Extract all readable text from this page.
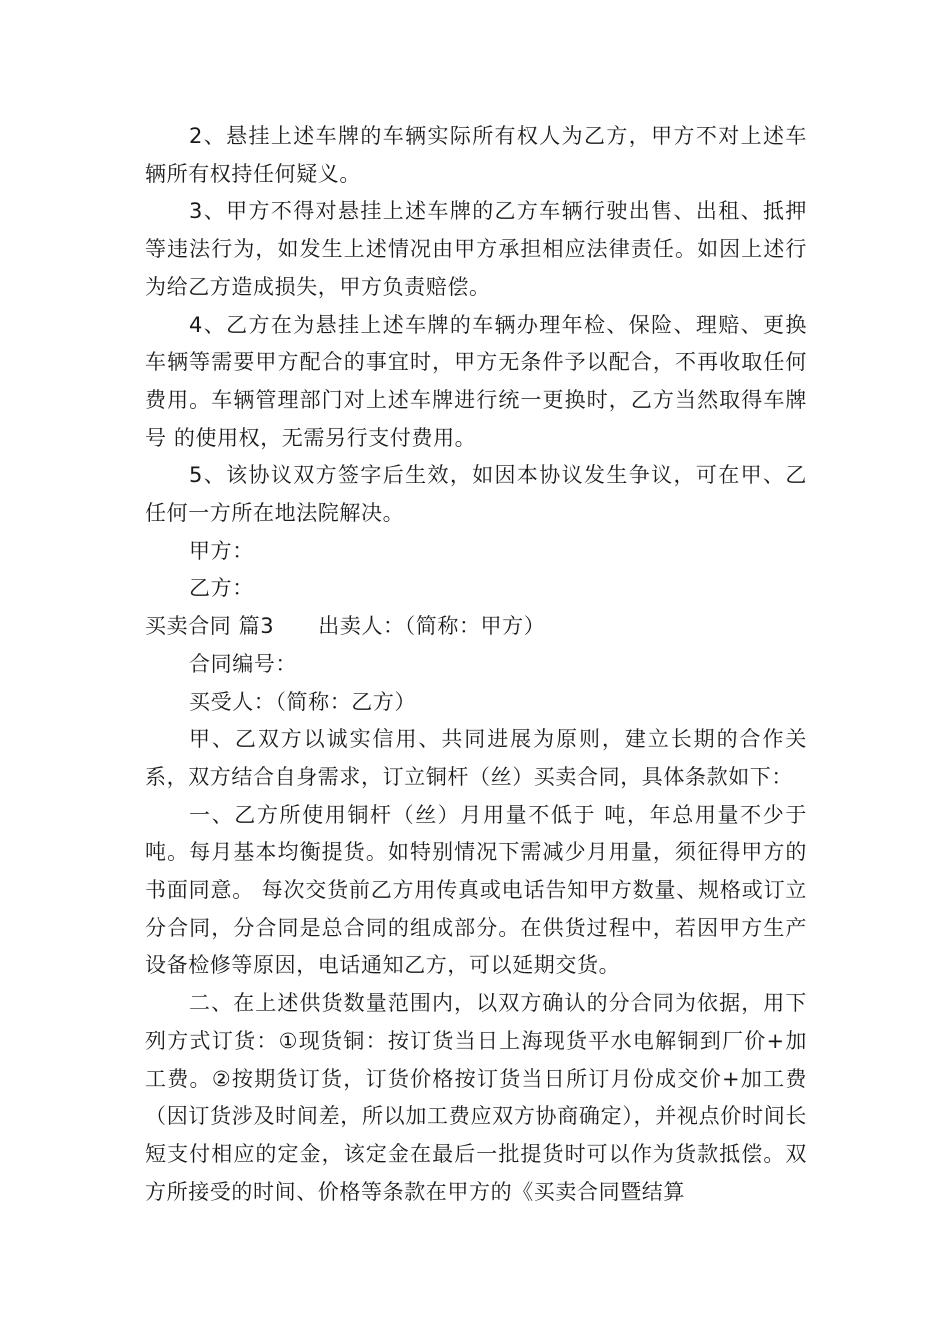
2、悬挂上述车牌的车辆实际所有权人为乙方，甲方不对上述车辆所有权持任何疑义。

3、甲方不得对悬挂上述车牌的乙方车辆行驶出售、出租、抵押等违法行为，如发生上述情况由甲方承担相应法律责任。如因上述行为给乙方造成损失，甲方负责赔偿。

4、乙方在为悬挂上述车牌的车辆办理年检、保险、理赔、更换车辆等需要甲方配合的事宜时，甲方无条件予以配合，不再收取任何费用。车辆管理部门对上述车牌进行统一更换时，乙方当然取得车牌号 的使用权，无需另行支付费用。

5、该协议双方签字后生效，如因本协议发生争议，可在甲、乙任何一方所在地法院解决。

甲方：

乙方：

买卖合同 篇3 出卖人：（简称：甲方）

合同编号：

买受人：（简称：乙方）

甲、乙双方以诚实信用、共同进展为原则，建立长期的合作关系，双方结合自身需求，订立铜杆（丝）买卖合同，具体条款如下：

一、乙方所使用铜杆（丝）月用量不低于 吨，年总用量不少于 吨。每月基本均衡提货。如特别情况下需减少月用量，须征得甲方的书面同意。 每次交货前乙方用传真或电话告知甲方数量、规格或订立分合同，分合同是总合同的组成部分。在供货过程中，若因甲方生产设备检修等原因，电话通知乙方，可以延期交货。

二、在上述供货数量范围内，以双方确认的分合同为依据，用下列方式订货：①现货铜：按订货当日上海现货平水电解铜到厂价+加工费。②按期货订货，订货价格按订货当日所订月份成交价+加工费（因订货涉及时间差，所以加工费应双方协商确定），并视点价时间长短支付相应的定金，该定金在最后一批提货时可以作为货款抵偿。双方所接受的时间、价格等条款在甲方的《买卖合同暨结算
